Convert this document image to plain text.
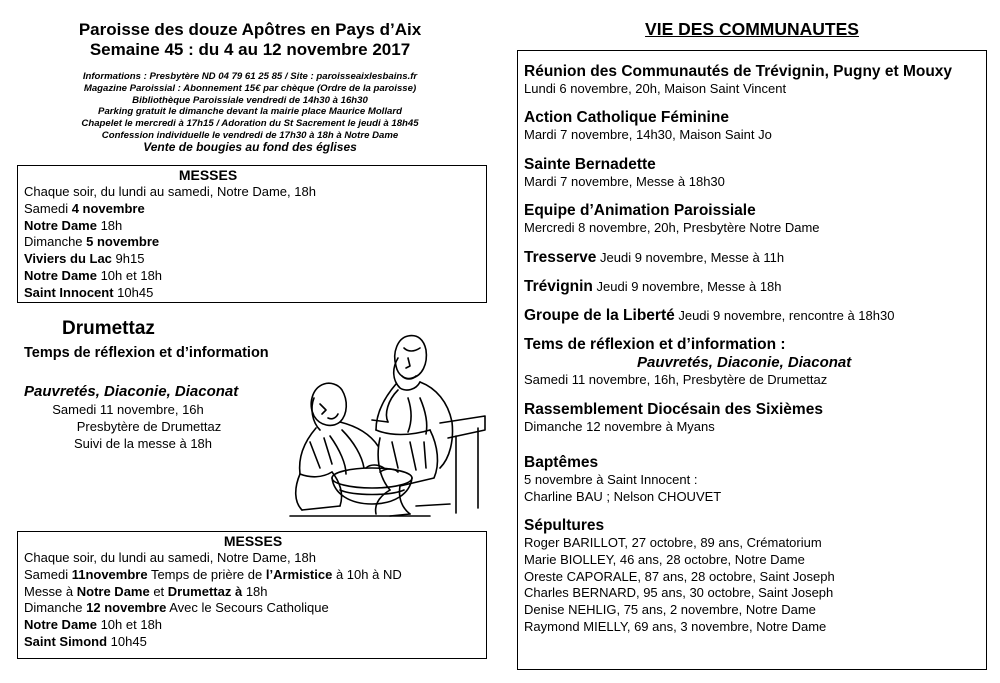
Paroisse des douze Apôtres en Pays d’Aix
Semaine 45 : du 4 au 12 novembre 2017
Informations : Presbytère ND 04 79 61 25 85 / Site : paroisseaixlesbains.fr
Magazine Paroissial : Abonnement 15€ par chèque (Ordre de la paroisse)
Bibliothèque Paroissiale vendredi de 14h30 à 16h30
Parking gratuit le dimanche devant la mairie place Maurice Mollard
Chapelet le mercredi à 17h15 / Adoration du St Sacrement le jeudi à 18h45
Confession individuelle le vendredi de 17h30 à 18h à Notre Dame
Vente de bougies au fond des églises
MESSES
Chaque soir, du lundi au samedi, Notre Dame, 18h
Samedi 4 novembre
Notre Dame 18h
Dimanche 5 novembre
Viviers du Lac 9h15
Notre Dame 10h et 18h
Saint Innocent 10h45
Drumettaz
Temps de réflexion et d’information
Pauvretés, Diaconie, Diaconat
Samedi 11 novembre, 16h
Presbytère de Drumettaz
Suivi de la messe à 18h
MESSES
Chaque soir, du lundi au samedi, Notre Dame, 18h
Samedi 11novembre Temps de prière de l’Armistice à 10h à ND
Messe à Notre Dame et Drumettaz à 18h
Dimanche 12 novembre Avec le Secours Catholique
Notre Dame 10h et 18h
Saint Simond 10h45
VIE DES COMMUNAUTES
Réunion des Communautés de Trévignin, Pugny et Mouxy
Lundi 6 novembre, 20h, Maison Saint Vincent
Action Catholique Féminine
Mardi 7 novembre, 14h30, Maison Saint Jo
Sainte Bernadette
Mardi 7 novembre, Messe à 18h30
Equipe d’Animation Paroissiale
Mercredi 8 novembre, 20h, Presbytère Notre Dame
Tresserve Jeudi 9 novembre, Messe à 11h
Trévignin Jeudi 9 novembre, Messe à 18h
Groupe de la Liberté Jeudi 9 novembre, rencontre à 18h30
Tems de réflexion et d’information :
Pauvretés, Diaconie, Diaconat
Samedi 11 novembre, 16h, Presbytère de Drumettaz
Rassemblement Diocésain des Sixièmes
Dimanche 12 novembre à Myans
Baptêmes
5 novembre à Saint Innocent :
Charline BAU ; Nelson CHOUVET
Sépultures
Roger BARILLOT, 27 octobre, 89 ans, Crématorium
Marie BIOLLEY, 46 ans, 28 octobre, Notre Dame
Oreste CAPORALE, 87 ans, 28 octobre, Saint Joseph
Charles BERNARD, 95 ans, 30 octobre, Saint Joseph
Denise NEHLIG, 75 ans, 2 novembre, Notre Dame
Raymond MIELLY, 69 ans, 3 novembre, Notre Dame
